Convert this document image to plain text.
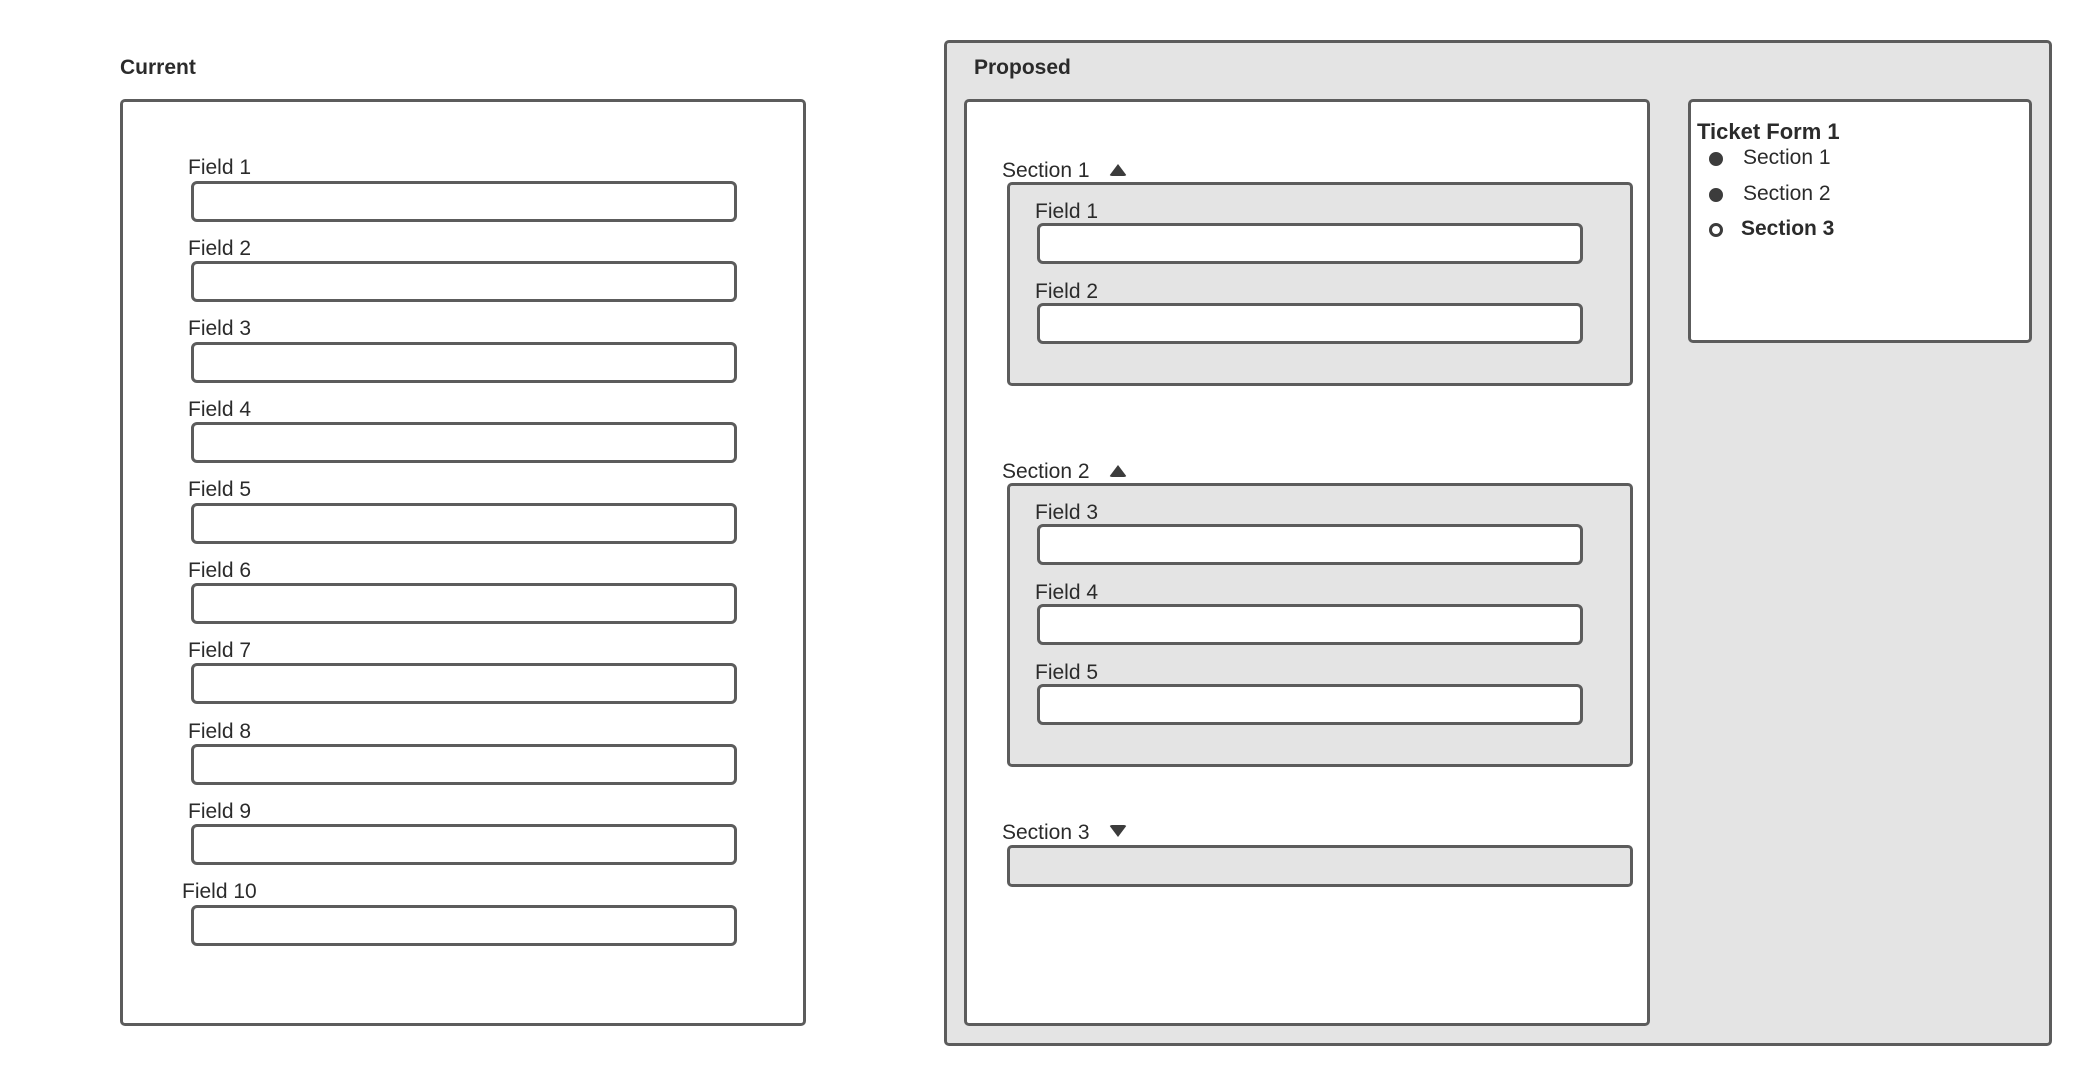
Current
Field 1
Field 2
Field 3
Field 4
Field 5
Field 6
Field 7
Field 8
Field 9
Field 10
Proposed
Section 1
Field 1
Field 2
Section 2
Field 3
Field 4
Field 5
Section 3
Ticket Form 1
Section 1
Section 2
Section 3
